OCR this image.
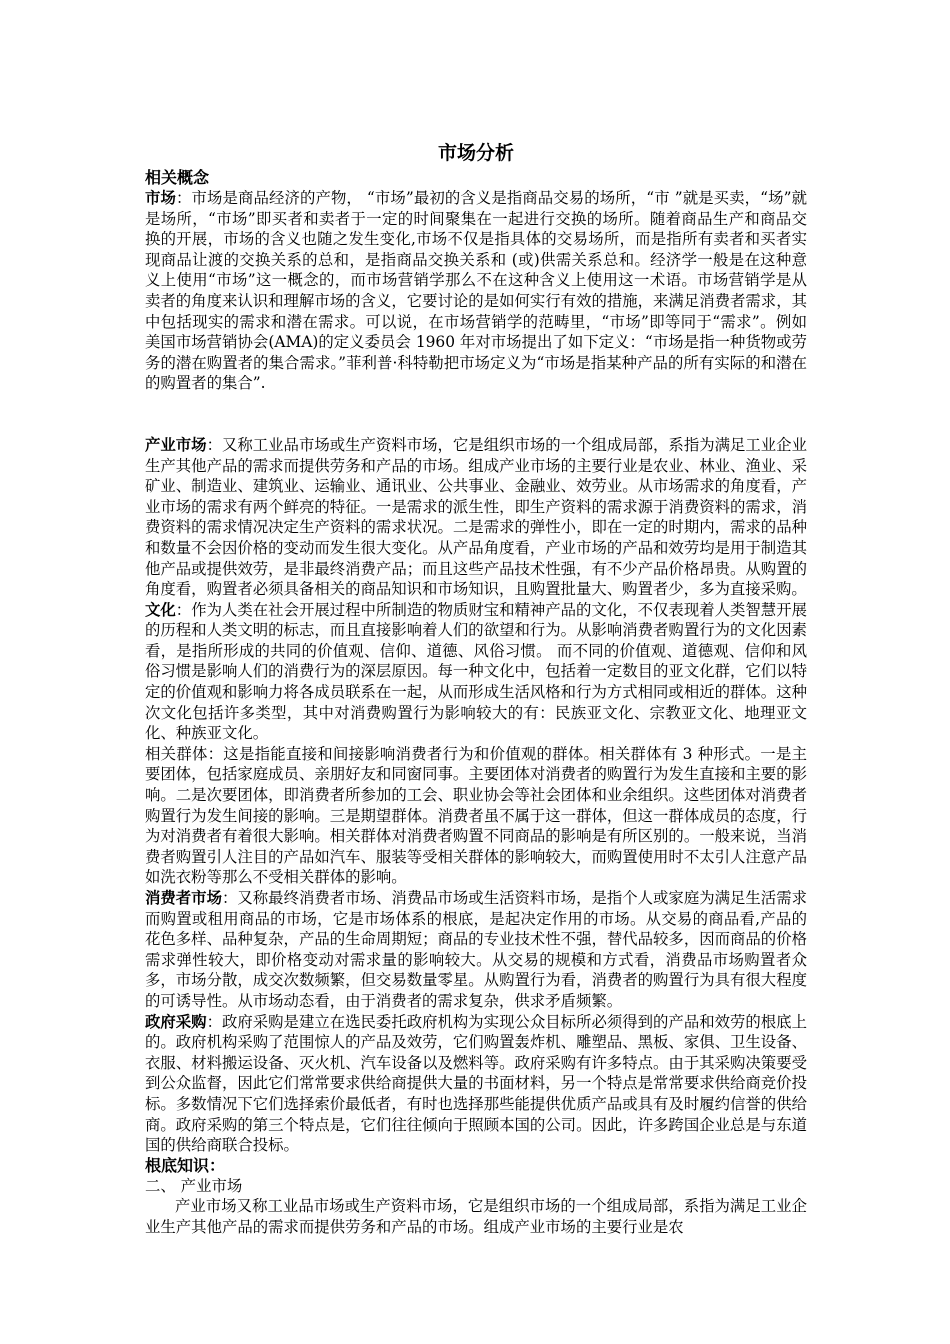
市场分析
相关概念

市场：市场是商品经济的产物， “市场”最初的含义是指商品交易的场所，“市 ”就是买卖，“场”就是场所，“市场”即买者和卖者于一定的时间聚集在一起进行交换的场所。随着商品生产和商品交换的开展，市场的含义也随之发生变化,市场不仅是指具体的交易场所，而是指所有卖者和买者实现商品让渡的交换关系的总和，是指商品交换关系和 (或)供需关系总和。经济学一般是在这种意义上使用“市场”这一概念的，而市场营销学那么不在这种含义上使用这一术语。市场营销学是从卖者的角度来认识和理解市场的含义，它要讨论的是如何实行有效的措施，来满足消费者需求，其中包括现实的需求和潜在需求。可以说，在市场营销学的范畴里，“市场”即等同于“需求”。例如美国市场营销协会(AMA)的定义委员会 1960 年对市场提出了如下定义：“市场是指一种货物或劳务的潜在购置者的集合需求。”菲利普·科特勒把市场定义为“市场是指某种产品的所有实际的和潜在的购置者的集合”.

产业市场：又称工业品市场或生产资料市场，它是组织市场的一个组成局部，系指为满足工业企业生产其他产品的需求而提供劳务和产品的市场。组成产业市场的主要行业是农业、林业、渔业、采矿业、制造业、建筑业、运输业、通讯业、公共事业、金融业、效劳业。从市场需求的角度看，产业市场的需求有两个鲜亮的特征。一是需求的派生性，即生产资料的需求源于消费资料的需求，消费资料的需求情况决定生产资料的需求状况。二是需求的弹性小，即在一定的时期内，需求的品种和数量不会因价格的变动而发生很大变化。从产品角度看，产业市场的产品和效劳均是用于制造其他产品或提供效劳，是非最终消费产品；而且这些产品技术性强，有不少产品价格昂贵。从购置的角度看，购置者必须具备相关的商品知识和市场知识，且购置批量大、购置者少，多为直接采购。

文化：作为人类在社会开展过程中所制造的物质财宝和精神产品的文化，不仅表现着人类智慧开展的历程和人类文明的标志，而且直接影响着人们的欲望和行为。从影响消费者购置行为的文化因素看，是指所形成的共同的价值观、信仰、道德、风俗习惯。 而不同的价值观、道德观、信仰和风俗习惯是影响人们的消费行为的深层原因。每一种文化中，包括着一定数目的亚文化群，它们以特定的价值观和影响力将各成员联系在一起，从而形成生活风格和行为方式相同或相近的群体。这种次文化包括许多类型，其中对消费购置行为影响较大的有：民族亚文化、宗教亚文化、地理亚文化、种族亚文化。

相关群体：这是指能直接和间接影响消费者行为和价值观的群体。相关群体有 3 种形式。一是主要团体，包括家庭成员、亲朋好友和同窗同事。主要团体对消费者的购置行为发生直接和主要的影响。二是次要团体，即消费者所参加的工会、职业协会等社会团体和业余组织。这些团体对消费者购置行为发生间接的影响。三是期望群体。消费者虽不属于这一群体，但这一群体成员的态度，行为对消费者有着很大影响。相关群体对消费者购置不同商品的影响是有所区别的。一般来说，当消费者购置引人注目的产品如汽车、服装等受相关群体的影响较大，而购置使用时不太引人注意产品如洗衣粉等那么不受相关群体的影响。

消费者市场：又称最终消费者市场、消费品市场或生活资料市场，是指个人或家庭为满足生活需求而购置或租用商品的市场，它是市场体系的根底，是起决定作用的市场。从交易的商品看,产品的花色多样、品种复杂，产品的生命周期短；商品的专业技术性不强，替代品较多，因而商品的价格需求弹性较大，即价格变动对需求量的影响较大。从交易的规模和方式看，消费品市场购置者众多，市场分散，成交次数频繁，但交易数量零星。从购置行为看，消费者的购置行为具有很大程度的可诱导性。从市场动态看，由于消费者的需求复杂，供求矛盾频繁。

政府采购：政府采购是建立在选民委托政府机构为实现公众目标所必须得到的产品和效劳的根底上的。政府机构采购了范围惊人的产品及效劳，它们购置轰炸机、雕塑品、黑板、家俱、卫生设备、衣服、材料搬运设备、灭火机、汽车设备以及燃料等。政府采购有许多特点。由于其采购决策要受到公众监督，因此它们常常要求供给商提供大量的书面材料，另一个特点是常常要求供给商竞价投标。多数情况下它们选择索价最低者，有时也选择那些能提供优质产品或具有及时履约信誉的供给商。政府采购的第三个特点是，它们往往倾向于照顾本国的公司。因此，许多跨国企业总是与东道国的供给商联合投标。

根底知识：

二、 产业市场

产业市场又称工业品市场或生产资料市场，它是组织市场的一个组成局部，系指为满足工业企业生产其他产品的需求而提供劳务和产品的市场。组成产业市场的主要行业是农
